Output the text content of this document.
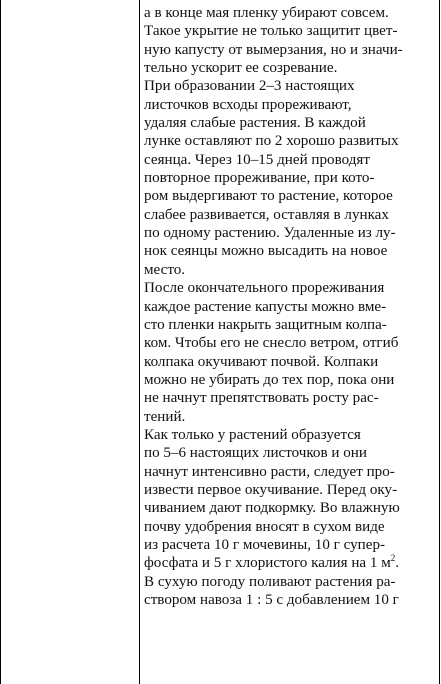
а в конце мая пленку убирают совсем.
Такое укрытие не только защитит цвет-
ную капусту от вымерзания, но и значи-
тельно ускорит ее созревание.
При образовании 2–3 настоящих
листочков всходы прореживают,
удаляя слабые растения. В каждой
лунке оставляют по 2 хорошо развитых
сеянца. Через 10–15 дней проводят
повторное прореживание, при кото-
ром выдергивают то растение, которое
слабее развивается, оставляя в лунках
по одному растению. Удаленные из лу-
нок сеянцы можно высадить на новое
место.
После окончательного прореживания
каждое растение капусты можно вме-
сто пленки накрыть защитным колпа-
ком. Чтобы его не снесло ветром, отгиб
колпака окучивают почвой. Колпаки
можно не убирать до тех пор, пока они
не начнут препятствовать росту рас-
тений.
Как только у растений образуется
по 5–6 настоящих листочков и они
начнут интенсивно расти, следует про-
извести первое окучивание. Перед оку-
чиванием дают подкормку. Во влажную
почву удобрения вносят в сухом виде
из расчета 10 г мочевины, 10 г супер-
фосфата и 5 г хлористого калия на 1 $м^2$.
В сухую погоду поливают растения ра-
створом навоза 1 : 5 с добавлением 10 г
